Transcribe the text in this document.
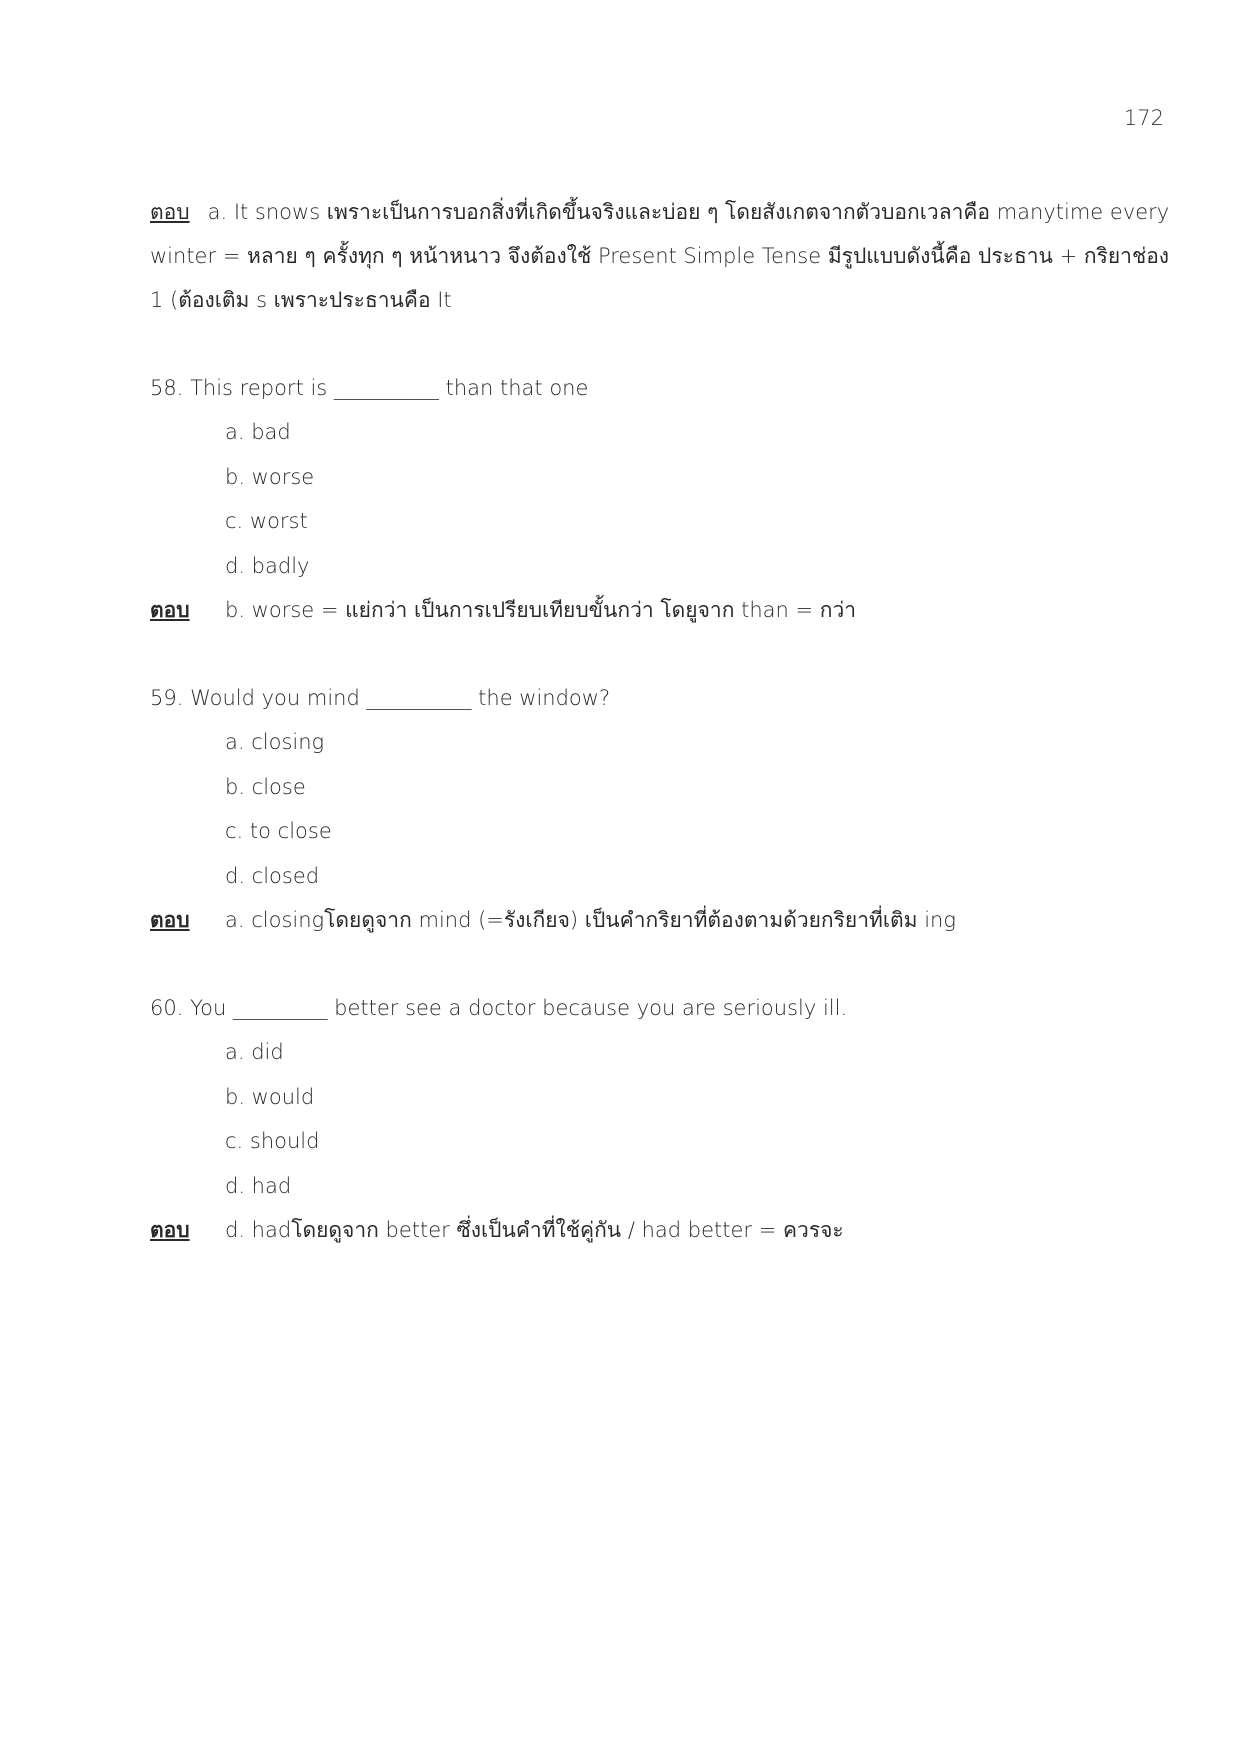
172

ตอบ a. It snows เพราะเป็นการบอกสิ่งที่เกิดขึ้นจริงและบ่อย ๆ โดยสังเกตจากตัวบอกเวลาคือ manytime every winter = หลาย ๆ ครั้งทุก ๆ หน้าหนาว จึงต้องใช้ Present Simple Tense มีรูปแบบดังนี้คือ ประธาน + กริยาช่อง 1 (ต้องเติม s เพราะประธานคือ It

58. This report is __________ than that one

a. bad
b. worse
c. worst
d. badly

ตอบ b. worse = แย่กว่า เป็นการเปรียบเทียบขั้นกว่า โดยูจาก than = กว่า

59. Would you mind __________ the window?

a. closing
b. close
c. to close
d. closed

ตอบ a. closingโดยดูจาก mind (=รังเกียจ) เป็นคำกริยาที่ต้องตามด้วยกริยาที่เติม ing

60. You _________ better see a doctor because you are seriously ill.

a. did
b. would
c. should
d. had

ตอบ d. hadโดยดูจาก better ซึ่งเป็นคำที่ใช้คู่กัน / had better = ควรจะ
